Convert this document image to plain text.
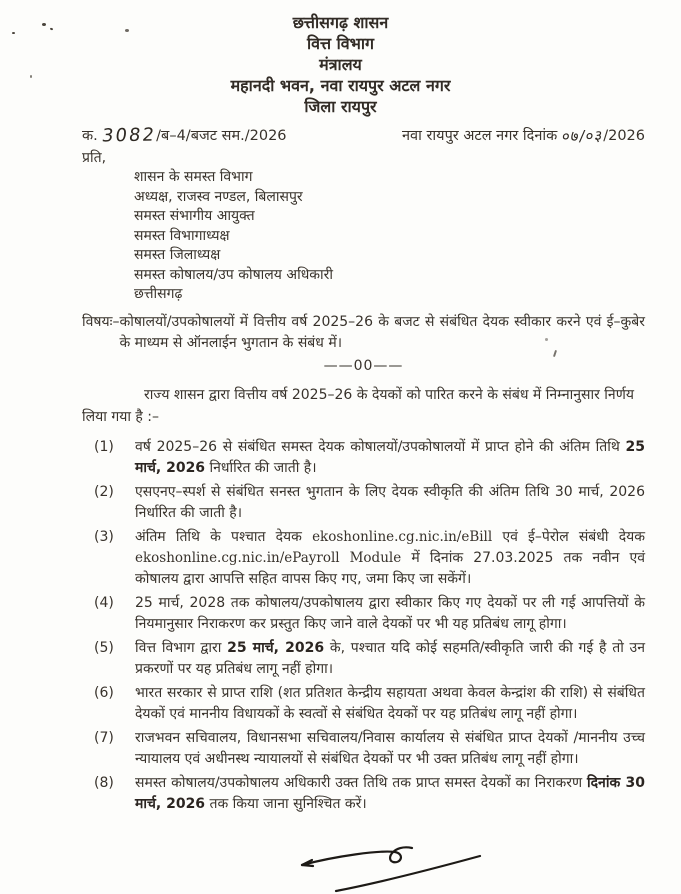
छत्तीसगढ़ शासन
वित्त विभाग
मंत्रालय
महानदी भवन, नवा रायपुर अटल नगर
जिला रायपुर
क. 3082/ब–4/बजट सम./2026	नवा रायपुर अटल नगर दिनांक ०७/०३/2026
प्रति,
शासन के समस्त विभाग
अध्यक्ष, राजस्व नण्डल, बिलासपुर
समस्त संभागीय आयुक्त
समस्त विभागाध्यक्ष
समस्त जिलाध्यक्ष
समस्त कोषालय/उप कोषालय अधिकारी
छत्तीसगढ़
विषयः– कोषालयों/उपकोषालयों में वित्तीय वर्ष 2025–26 के बजट से संबंधित देयक स्वीकार करने एवं ई–कुबेर के माध्यम से ऑनलाईन भुगतान के संबंध में।

——00——

राज्य शासन द्वारा वित्तीय वर्ष 2025–26 के देयकों को पारित करने के संबंध में निम्नानुसार निर्णय लिया गया है :–

(1)	वर्ष 2025–26 से संबंधित समस्त देयक कोषालयों/उपकोषालयों में प्राप्त होने की अंतिम तिथि 25 मार्च, 2026 निर्धारित की जाती है।

(2)	एसएनए–स्पर्श से संबंधित सनस्त भुगतान के लिए देयक स्वीकृति की अंतिम तिथि 30 मार्च, 2026 निर्धारित की जाती है।

(3)	अंतिम तिथि के पश्चात देयक ekoshonline.cg.nic.in/eBill एवं ई–पेरोल संबंधी देयक ekoshonline.cg.nic.in/ePayroll Module में दिनांक 27.03.2025 तक नवीन एवं कोषालय द्वारा आपत्ति सहित वापस किए गए, जमा किए जा सकेंगें।

(4)	25 मार्च, 2028 तक कोषालय/उपकोषालय द्वारा स्वीकार किए गए देयकों पर ली गई आपत्तियों के नियमानुसार निराकरण कर प्रस्तुत किए जाने वाले देयकों पर भी यह प्रतिबंध लागू होगा।

(5)	वित्त विभाग द्वारा 25 मार्च, 2026 के, पश्चात यदि कोई सहमति/स्वीकृति जारी की गई है तो उन प्रकरणों पर यह प्रतिबंध लागू नहीं होगा।

(6)	भारत सरकार से प्राप्त राशि (शत प्रतिशत केन्द्रीय सहायता अथवा केवल केन्द्रांश की राशि) से संबंधित देयकों एवं माननीय विधायकों के स्वत्वों से संबंधित देयकों पर यह प्रतिबंध लागू नहीं होगा।

(7)	राजभवन सचिवालय, विधानसभा सचिवालय/निवास कार्यालय से संबंधित प्राप्त देयकों /माननीय उच्च न्यायालय एवं अधीनस्थ न्यायालयों से संबंधित देयकों पर भी उक्त प्रतिबंध लागू नहीं होगा।

(8)	समस्त कोषालय/उपकोषालय अधिकारी उक्त तिथि तक प्राप्त समस्त देयकों का निराकरण दिनांक 30 मार्च, 2026 तक किया जाना सुनिश्चित करें।
